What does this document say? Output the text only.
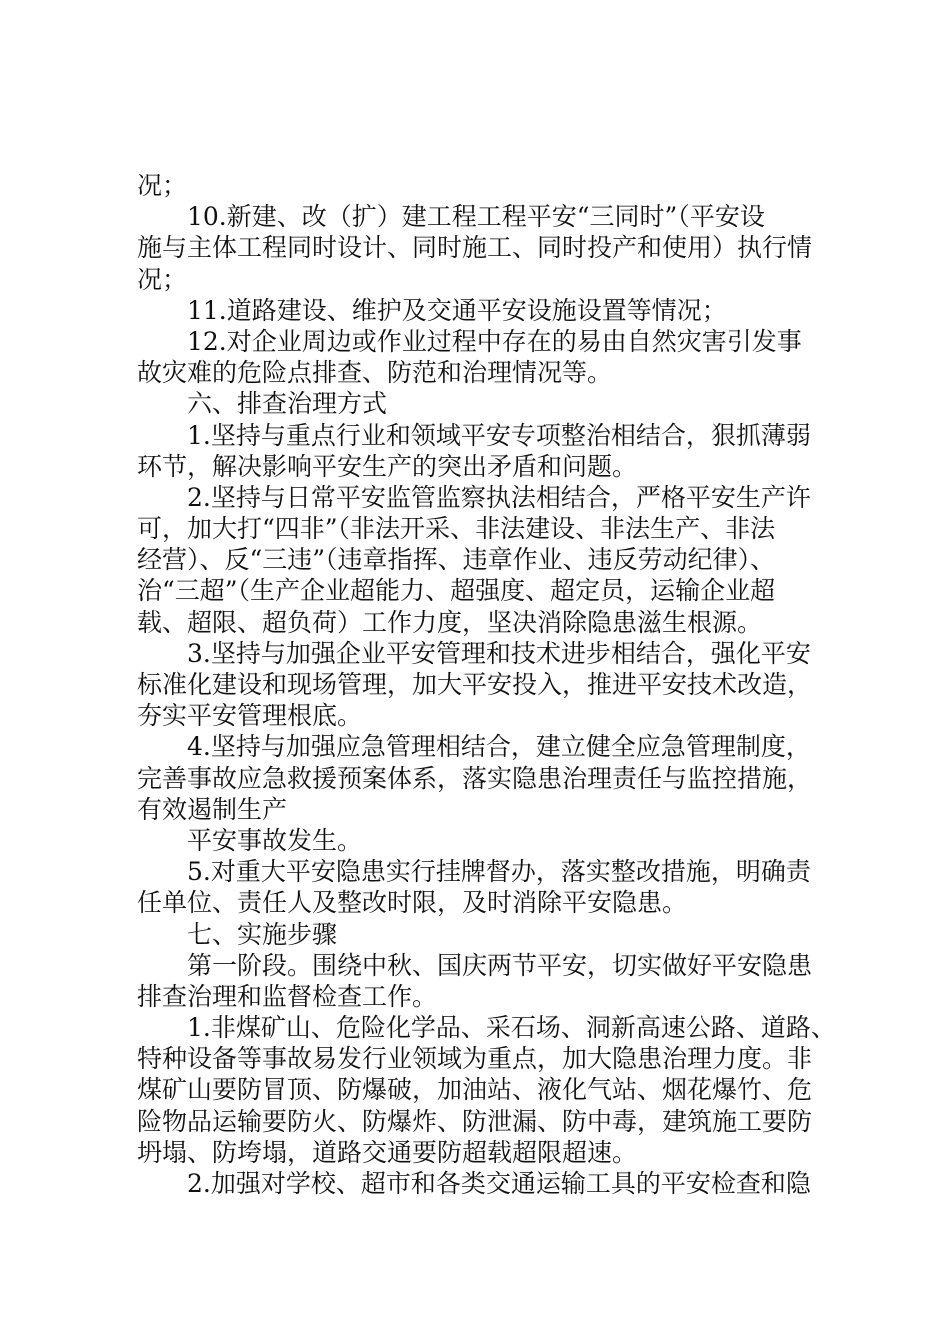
况；
10.新建、改（扩）建工程工程平安“三同时”（平安设
施与主体工程同时设计、同时施工、同时投产和使用）执行情
况；
11.道路建设、维护及交通平安设施设置等情况；
12.对企业周边或作业过程中存在的易由自然灾害引发事
故灾难的危险点排查、防范和治理情况等。
六、排查治理方式
1.坚持与重点行业和领域平安专项整治相结合，狠抓薄弱
环节，解决影响平安生产的突出矛盾和问题。
2.坚持与日常平安监管监察执法相结合，严格平安生产许
可，加大打“四非”（非法开采、非法建设、非法生产、非法
经营）、反“三违”（违章指挥、违章作业、违反劳动纪律）、
治“三超”（生产企业超能力、超强度、超定员，运输企业超
载、超限、超负荷）工作力度，坚决消除隐患滋生根源。
3.坚持与加强企业平安管理和技术进步相结合，强化平安
标准化建设和现场管理，加大平安投入，推进平安技术改造，
夯实平安管理根底。
4.坚持与加强应急管理相结合，建立健全应急管理制度，
完善事故应急救援预案体系，落实隐患治理责任与监控措施，
有效遏制生产
平安事故发生。
5.对重大平安隐患实行挂牌督办，落实整改措施，明确责
任单位、责任人及整改时限，及时消除平安隐患。
七、实施步骤
第一阶段。围绕中秋、国庆两节平安，切实做好平安隐患
排查治理和监督检查工作。
1.非煤矿山、危险化学品、采石场、洞新高速公路、道路、
特种设备等事故易发行业领域为重点，加大隐患治理力度。非
煤矿山要防冒顶、防爆破，加油站、液化气站、烟花爆竹、危
险物品运输要防火、防爆炸、防泄漏、防中毒，建筑施工要防
坍塌、防垮塌，道路交通要防超载超限超速。
2.加强对学校、超市和各类交通运输工具的平安检查和隐
